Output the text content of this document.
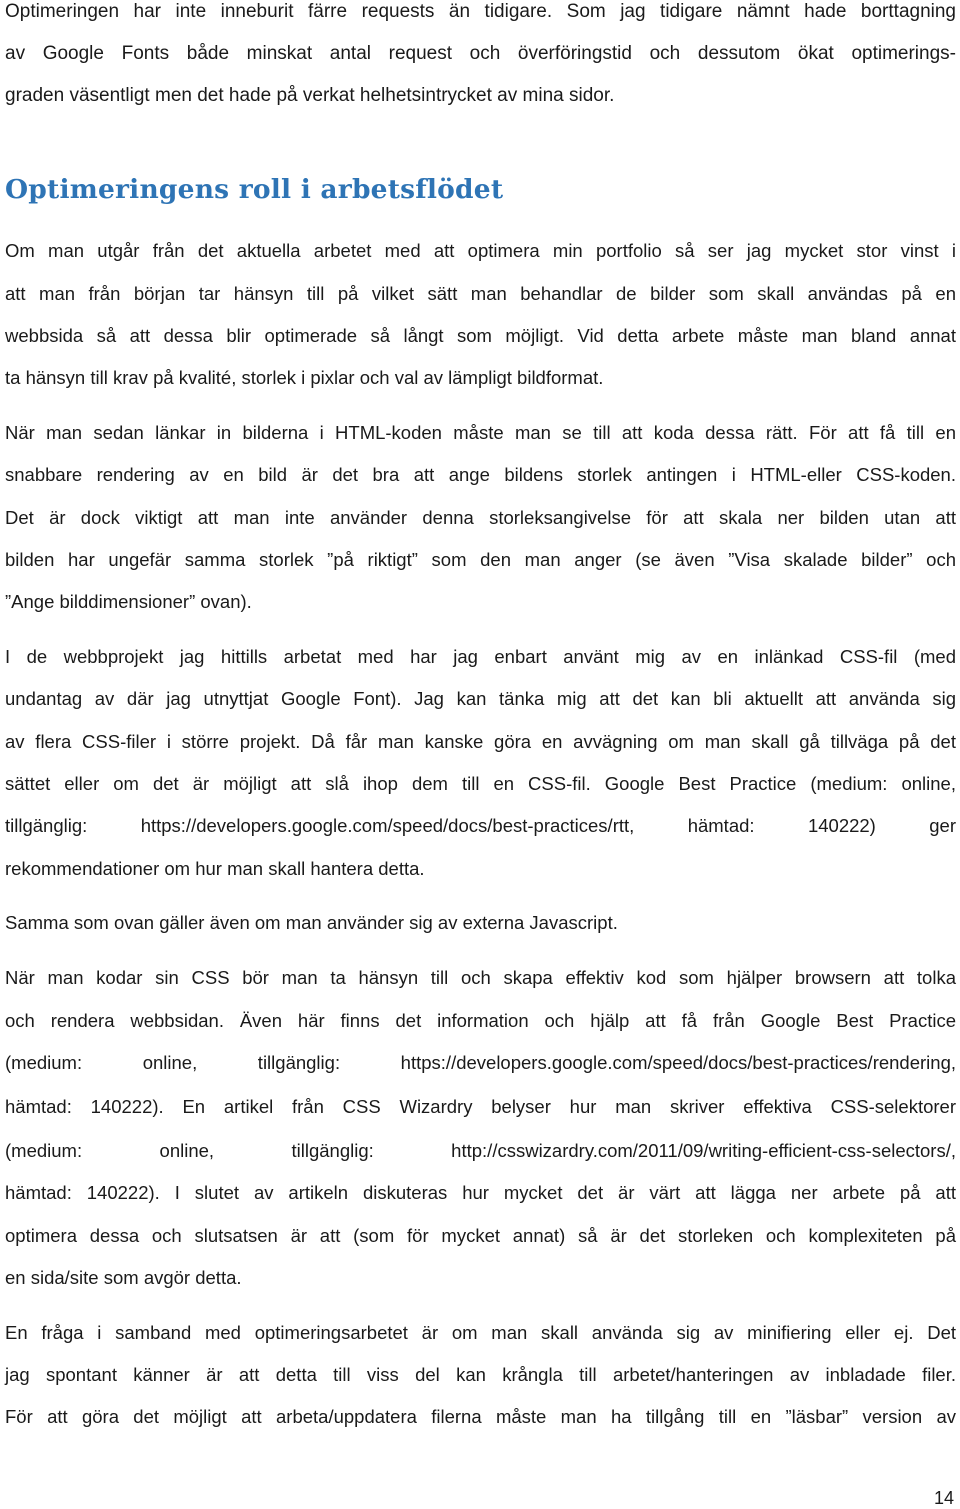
Optimeringen har inte inneburit färre requests än tidigare. Som jag tidigare nämnt hade borttagning
av Google Fonts både minskat antal request och överföringstid och dessutom ökat optimerings-
graden väsentligt men det hade på verkat helhetsintrycket av mina sidor.
Optimeringens roll i arbetsflödet
Om man utgår från det aktuella arbetet med att optimera min portfolio så ser jag mycket stor vinst i
att man från början tar hänsyn till på vilket sätt man behandlar de bilder som skall användas på en
webbsida så att dessa blir optimerade så långt som möjligt. Vid detta arbete måste man bland annat
ta hänsyn till krav på kvalité, storlek i pixlar och val av lämpligt bildformat.
När man sedan länkar in bilderna i HTML-koden måste man se till att koda dessa rätt. För att få till en
snabbare rendering av en bild är det bra att ange bildens storlek antingen i HTML-eller CSS-koden.
Det är dock viktigt att man inte använder denna storleksangivelse för att skala ner bilden utan att
bilden har ungefär samma storlek ”på riktigt” som den man anger (se även ”Visa skalade bilder” och
”Ange bilddimensioner” ovan).
I de webbprojekt jag hittills arbetat med har jag enbart använt mig av en inlänkad CSS-fil (med
undantag av där jag utnyttjat Google Font). Jag kan tänka mig att det kan bli aktuellt att använda sig
av flera CSS-filer i större projekt. Då får man kanske göra en avvägning om man skall gå tillväga på det
sättet eller om det är möjligt att slå ihop dem till en CSS-fil. Google Best Practice (medium: online,
tillgänglig: https://developers.google.com/speed/docs/best-practices/rtt, hämtad: 140222) ger
rekommendationer om hur man skall hantera detta.
Samma som ovan gäller även om man använder sig av externa Javascript.
När man kodar sin CSS bör man ta hänsyn till och skapa effektiv kod som hjälper browsern att tolka
och rendera webbsidan. Även här finns det information och hjälp att få från Google Best Practice
(medium: online, tillgänglig: https://developers.google.com/speed/docs/best-practices/rendering,
hämtad: 140222). En artikel från CSS Wizardry belyser hur man skriver effektiva CSS-selektorer
(medium: online, tillgänglig: http://csswizardry.com/2011/09/writing-efficient-css-selectors/,
hämtad: 140222). I slutet av artikeln diskuteras hur mycket det är värt att lägga ner arbete på att
optimera dessa och slutsatsen är att (som för mycket annat) så är det storleken och komplexiteten på
en sida/site som avgör detta.
En fråga i samband med optimeringsarbetet är om man skall använda sig av minifiering eller ej. Det
jag spontant känner är att detta till viss del kan krångla till arbetet/hanteringen av inbladade filer.
För att göra det möjligt att arbeta/uppdatera filerna måste man ha tillgång till en ”läsbar” version av
14
